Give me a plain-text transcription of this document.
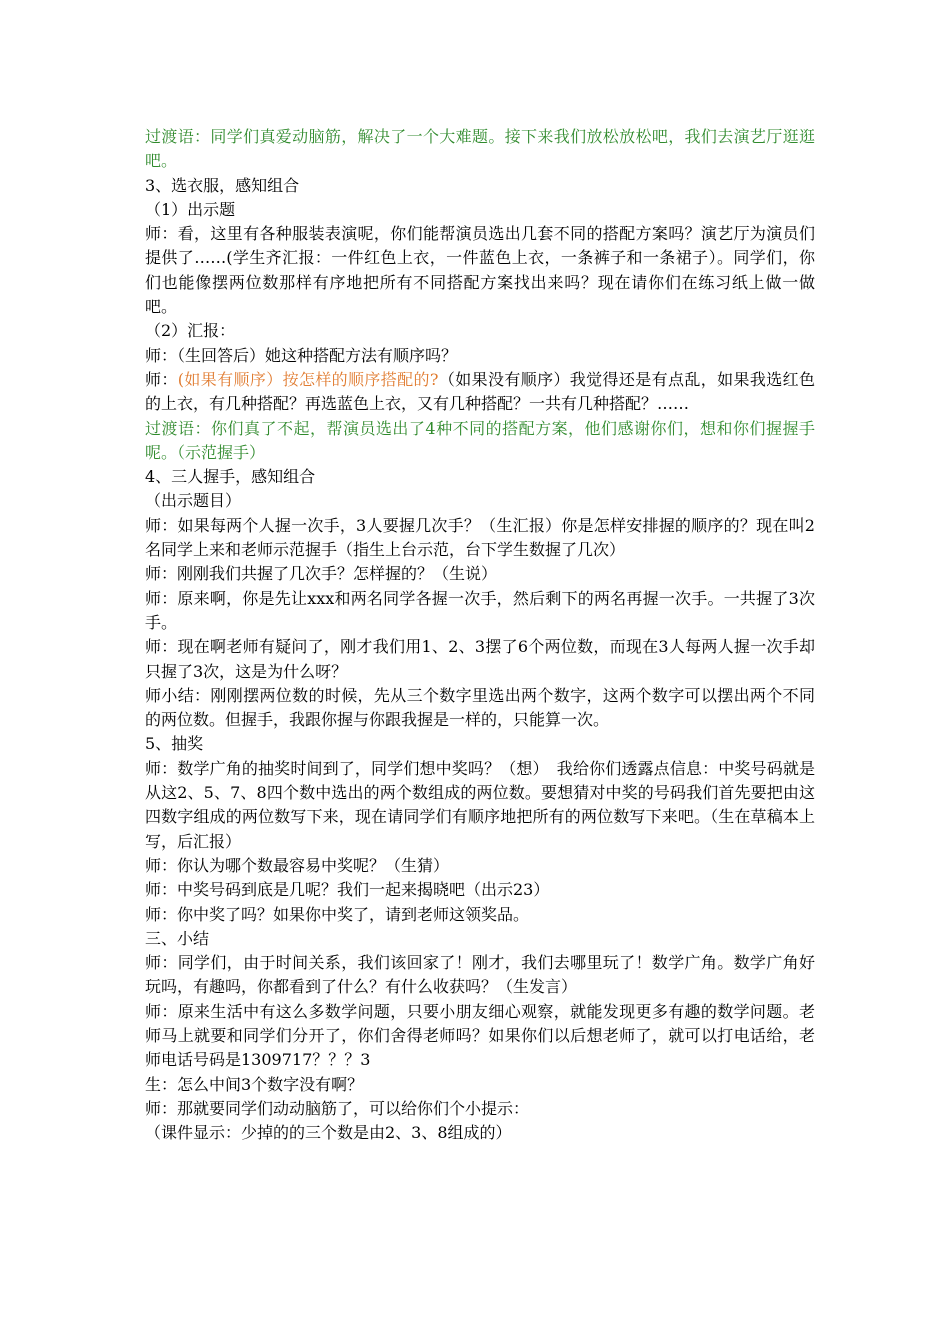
过渡语：同学们真爱动脑筋，解决了一个大难题。接下来我们放松放松吧，我们去演艺厅逛逛吧。

3、选衣服，感知组合

（1）出示题

师：看，这里有各种服装表演呢，你们能帮演员选出几套不同的搭配方案吗？演艺厅为演员们提供了……(学生齐汇报：一件红色上衣，一件蓝色上衣，一条裤子和一条裙子）。同学们，你们也能像摆两位数那样有序地把所有不同搭配方案找出来吗？现在请你们在练习纸上做一做吧。

（2）汇报：

师：（生回答后）她这种搭配方法有顺序吗？

师：(如果有顺序）按怎样的顺序搭配的?（如果没有顺序）我觉得还是有点乱，如果我选红色的上衣，有几种搭配？再选蓝色上衣，又有几种搭配？一共有几种搭配？……

过渡语：你们真了不起，帮演员选出了4种不同的搭配方案，他们感谢你们，想和你们握握手呢。（示范握手）

4、三人握手，感知组合

（出示题目）

师：如果每两个人握一次手，3人要握几次手？（生汇报）你是怎样安排握的顺序的？现在叫2名同学上来和老师示范握手（指生上台示范，台下学生数握了几次）

师：刚刚我们共握了几次手？怎样握的？（生说）

师：原来啊，你是先让xxx和两名同学各握一次手，然后剩下的两名再握一次手。一共握了3次手。

师：现在啊老师有疑问了，刚才我们用1、2、3摆了6个两位数，而现在3人每两人握一次手却只握了3次，这是为什么呀？

师小结：刚刚摆两位数的时候，先从三个数字里选出两个数字，这两个数字可以摆出两个不同的两位数。但握手，我跟你握与你跟我握是一样的，只能算一次。

5、抽奖

师：数学广角的抽奖时间到了，同学们想中奖吗？（想）　我给你们透露点信息：中奖号码就是从这2、5、7、8四个数中选出的两个数组成的两位数。要想猜对中奖的号码我们首先要把由这四数字组成的两位数写下来，现在请同学们有顺序地把所有的两位数写下来吧。（生在草稿本上写，后汇报）

师：你认为哪个数最容易中奖呢？（生猜）

师：中奖号码到底是几呢？我们一起来揭晓吧（出示23）

师：你中奖了吗？如果你中奖了，请到老师这领奖品。

三、小结

师：同学们，由于时间关系，我们该回家了！刚才，我们去哪里玩了！数学广角。数学广角好玩吗，有趣吗，你都看到了什么？有什么收获吗？（生发言）

师：原来生活中有这么多数学问题，只要小朋友细心观察，就能发现更多有趣的数学问题。老师马上就要和同学们分开了，你们舍得老师吗？如果你们以后想老师了，就可以打电话给，老师电话号码是1309717？？？3

生：怎么中间3个数字没有啊？

师：那就要同学们动动脑筋了，可以给你们个小提示：

（课件显示：少掉的的三个数是由2、3、8组成的）
